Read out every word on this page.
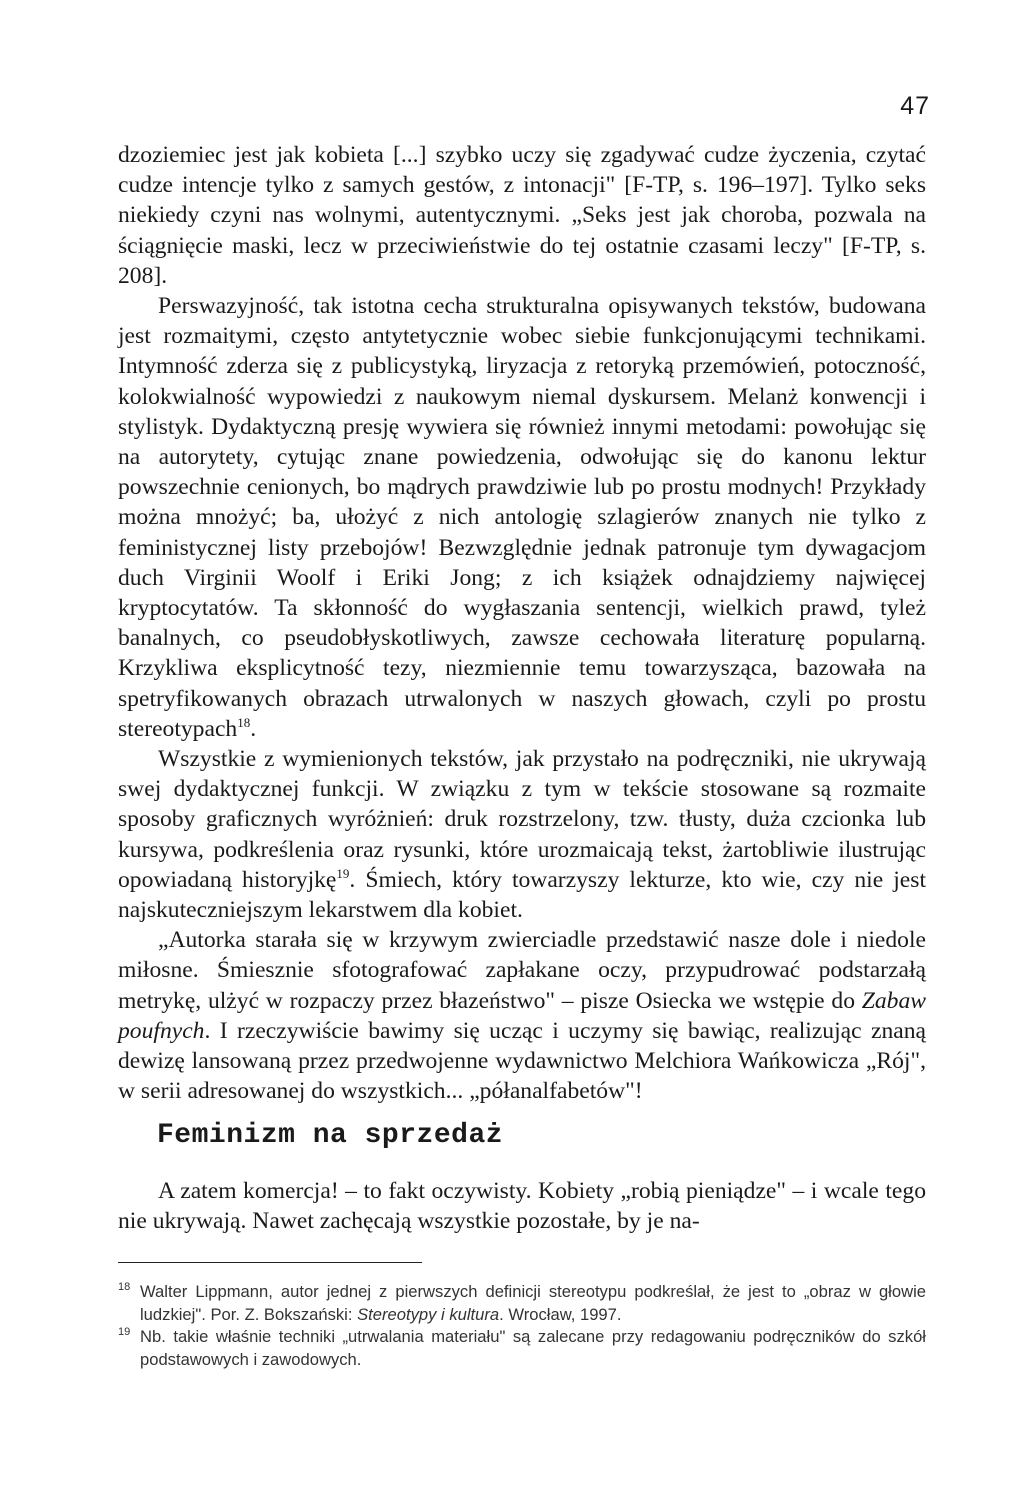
47

dzoziemiec jest jak kobieta [...] szybko uczy się zgadywać cudze życzenia, czytać cudze intencje tylko z samych gestów, z intonacji" [F-TP, s. 196–197]. Tylko seks niekiedy czyni nas wolnymi, autentycznymi. „Seks jest jak choroba, pozwala na ściągnięcie maski, lecz w przeciwieństwie do tej ostatnie czasami leczy" [F-TP, s. 208].

Perswazyjność, tak istotna cecha strukturalna opisywanych tekstów, budowana jest rozmaitymi, często antytetycznie wobec siebie funkcjonującymi technikami. Intymność zderza się z publicystyką, liryzacja z retoryką przemówień, potoczność, kolokwialność wypowiedzi z naukowym niemal dyskursem. Melanż konwencji i stylistyk. Dydaktyczną presję wywiera się również innymi metodami: powołując się na autorytety, cytując znane powiedzenia, odwołując się do kanonu lektur powszechnie cenionych, bo mądrych prawdziwie lub po prostu modnych! Przykłady można mnożyć; ba, ułożyć z nich antologię szlagierów znanych nie tylko z feministycznej listy przebojów! Bezwzględnie jednak patronuje tym dywagacjom duch Virginii Woolf i Eriki Jong; z ich książek odnajdziemy najwięcej kryptocytatów. Ta skłonność do wygłaszania sentencji, wielkich prawd, tyleż banalnych, co pseudobłyskotliwych, zawsze cechowała literaturę popularną. Krzykliwa eksplicytność tezy, niezmiennie temu towarzysząca, bazowała na spetryfikowanych obrazach utrwalonych w naszych głowach, czyli po prostu stereotypach$^{18}$.

Wszystkie z wymienionych tekstów, jak przystało na podręczniki, nie ukrywają swej dydaktycznej funkcji. W związku z tym w tekście stosowane są rozmaite sposoby graficznych wyróżnień: druk rozstrzelony, tzw. tłusty, duża czcionka lub kursywa, podkreślenia oraz rysunki, które urozmaicają tekst, żartobliwie ilustrując opowiadaną historyjkę$^{19}$. Śmiech, który towarzyszy lekturze, kto wie, czy nie jest najskuteczniejszym lekarstwem dla kobiet.

„Autorka starała się w krzywym zwierciadle przedstawić nasze dole i niedole miłosne. Śmiesznie sfotografować zapłakane oczy, przypudrować podstarzałą metrykę, ulżyć w rozpaczy przez błazeństwo" – pisze Osiecka we wstępie do Zabaw poufnych. I rzeczywiście bawimy się ucząc i uczymy się bawiąc, realizując znaną dewizę lansowaną przez przedwojenne wydawnictwo Melchiora Wańkowicza „Rój", w serii adresowanej do wszystkich... „półanalfabetów"!

Feminizm na sprzedaż

A zatem komercja! – to fakt oczywisty. Kobiety „robią pieniądze" – i wcale tego nie ukrywają. Nawet zachęcają wszystkie pozostałe, by je na-

18 Walter Lippmann, autor jednej z pierwszych definicji stereotypu podkreślał, że jest to „obraz w głowie ludzkiej". Por. Z. Bokszański: Stereotypy i kultura. Wrocław, 1997.

19 Nb. takie właśnie techniki „utrwalania materiału" są zalecane przy redagowaniu podręczników do szkół podstawowych i zawodowych.
